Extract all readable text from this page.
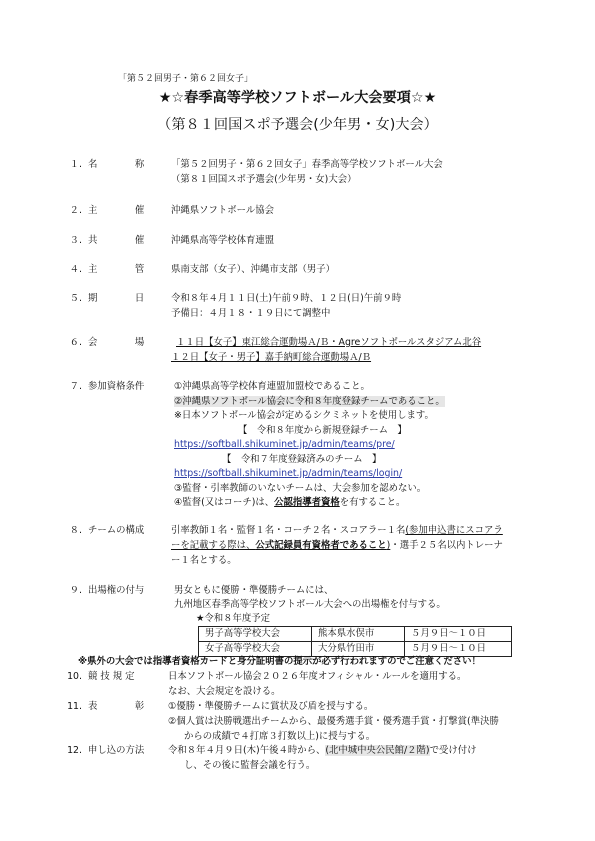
「第５２回男子・第６２回女子」
★☆春季高等学校ソフトボール大会要項☆★
（第８１回国スポ予選会(少年男・女)大会）
１. 名　　　　称	「第５２回男子・第６２回女子」春季高等学校ソフトボール大会
（第８１回国スポ予選会(少年男・女)大会）
２. 主　　　　催	沖縄県ソフトボール協会
３. 共　　　　催	沖縄県高等学校体育連盟
４. 主　　　　管	県南支部（女子）、沖縄市支部（男子）
５. 期　　　　日	令和８年４月１１日(土)午前９時、１２日(日)午前９時
予備日：４月１８・１９日にて調整中
６. 会　　　　場	１１日【女子】東江総合運動場Ａ/Ｂ・Agreソフトボールスタジアム北谷
１２日【女子・男子】嘉手納町総合運動場Ａ/Ｂ
７. 参加資格条件	①沖縄県高等学校体育連盟加盟校であること。
②沖縄県ソフトボール協会に令和８年度登録チームであること。
※日本ソフトボール協会が定めるシクミネットを使用します。
【　令和８年度から新規登録チーム　】
https://softball.shikuminet.jp/admin/teams/pre/
【　令和７年度登録済みのチーム　】
https://softball.shikuminet.jp/admin/teams/login/
③監督・引率教師のいないチームは、大会参加を認めない。
④監督(又はコーチ)は、公認指導者資格を有すること。
８. チームの構成	引率教師１名・監督１名・コーチ２名・スコアラー１名(参加申込書にスコアラ
ーを記載する際は、公式記録員有資格者であること)・選手２５名以内トレーナ
ー１名とする。
９. 出場権の付与	男女ともに優勝・準優勝チームには、
九州地区春季高等学校ソフトボール大会への出場権を付与する。
★令和８年度予定
男子高等学校大会	熊本県水俣市	５月９日～１０日
女子高等学校大会	大分県竹田市	５月９日～１０日
※県外の大会では指導者資格カードと身分証明書の提示が必ず行われますのでご注意ください！
10. 競 技 規 定	日本ソフトボール協会２０２６年度オフィシャル・ルールを適用する。
なお、大会規定を設ける。
11. 表　　　　彰	①優勝・準優勝チームに賞状及び盾を授与する。
②個人賞は決勝戦選出チームから、最優秀選手賞・優秀選手賞・打撃賞(準決勝
からの成績で４打席３打数以上)に授与する。
12. 申し込の方法	令和８年４月９日(木)午後４時から、(北中城中央公民館/２階)で受け付け
し、その後に監督会議を行う。
